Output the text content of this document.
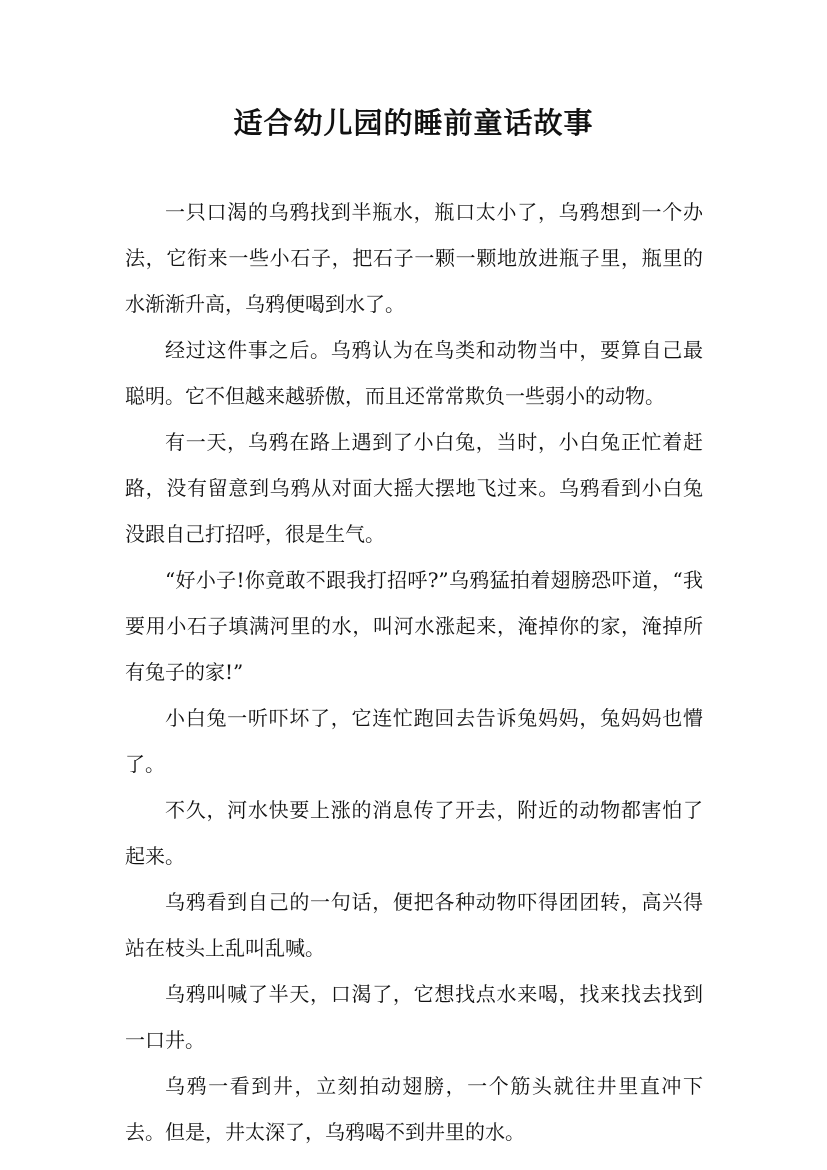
适合幼儿园的睡前童话故事

一只口渴的乌鸦找到半瓶水，瓶口太小了，乌鸦想到一个办法，它衔来一些小石子，把石子一颗一颗地放进瓶子里，瓶里的水渐渐升高，乌鸦便喝到水了。

经过这件事之后。乌鸦认为在鸟类和动物当中，要算自己最聪明。它不但越来越骄傲，而且还常常欺负一些弱小的动物。

有一天，乌鸦在路上遇到了小白兔，当时，小白兔正忙着赶路，没有留意到乌鸦从对面大摇大摆地飞过来。乌鸦看到小白兔没跟自己打招呼，很是生气。

“好小子!你竟敢不跟我打招呼?”乌鸦猛拍着翅膀恐吓道，“我要用小石子填满河里的水，叫河水涨起来，淹掉你的家，淹掉所有兔子的家!”

小白兔一听吓坏了，它连忙跑回去告诉兔妈妈，兔妈妈也懵了。

不久，河水快要上涨的消息传了开去，附近的动物都害怕了起来。

乌鸦看到自己的一句话，便把各种动物吓得团团转，高兴得站在枝头上乱叫乱喊。

乌鸦叫喊了半天，口渴了，它想找点水来喝，找来找去找到一口井。

乌鸦一看到井，立刻拍动翅膀，一个筋头就往井里直冲下去。但是，井太深了，乌鸦喝不到井里的水。
